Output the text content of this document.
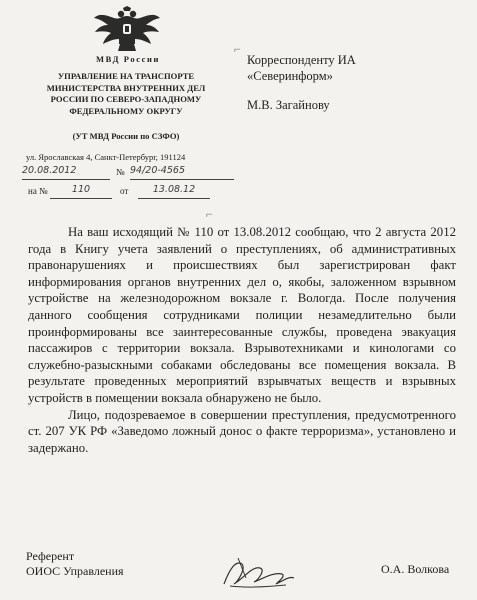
МВД России
УПРАВЛЕНИЕ НА ТРАНСПОРТЕ
МИНИСТЕРСТВА ВНУТРЕННИХ ДЕЛ
РОССИИ ПО СЕВЕРО-ЗАПАДНОМУ
ФЕДЕРАЛЬНОМУ ОКРУГУ
(УТ МВД России по СЗФО)
ул. Ярославская 4, Санкт-Петербург, 191124
20.08.2012	№ 94/20-4565
на №	110	от	13.08.12
⌐
Корреспонденту ИА
«Северинформ»
М.В. Загайнову
⌐

На ваш исходящий № 110 от 13.08.2012 сообщаю, что 2 августа 2012 года в Книгу учета заявлений о преступлениях, об административных правонарушениях и происшествиях был зарегистрирован факт информирования органов внутренних дел о, якобы, заложенном взрывном устройстве на железнодорожном вокзале г. Вологда. После получения данного сообщения сотрудниками полиции незамедлительно были проинформированы все заинтересованные службы, проведена эвакуация пассажиров с территории вокзала. Взрывотехниками и кинологами со служебно-разыскными собаками обследованы все помещения вокзала. В результате проведенных мероприятий взрывчатых веществ и взрывных устройств в помещении вокзала обнаружено не было.

Лицо, подозреваемое в совершении преступления, предусмотренного ст. 207 УК РФ «Заведомо ложный донос о факте терроризма», установлено и задержано.

Референт
ОИОС Управления	О.А. Волкова
